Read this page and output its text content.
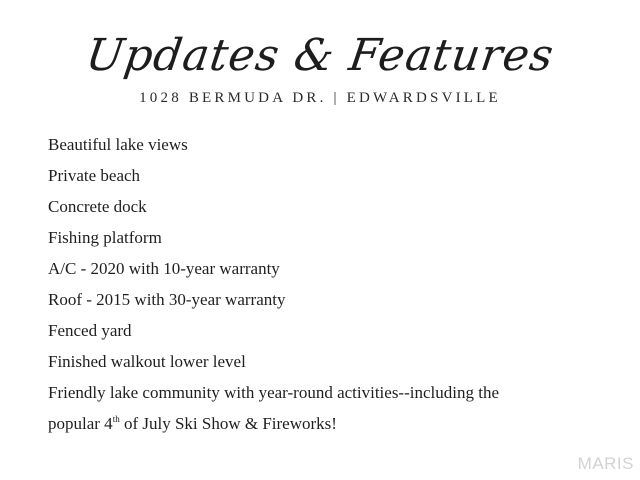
Updates & Features
1028 BERMUDA DR. | EDWARDSVILLE
Beautiful lake views
Private beach
Concrete dock
Fishing platform
A/C - 2020 with 10-year warranty
Roof - 2015 with 30-year warranty
Fenced yard
Finished walkout lower level
Friendly lake community with year-round activities--including the
popular 4th of July Ski Show & Fireworks!
MARIS
